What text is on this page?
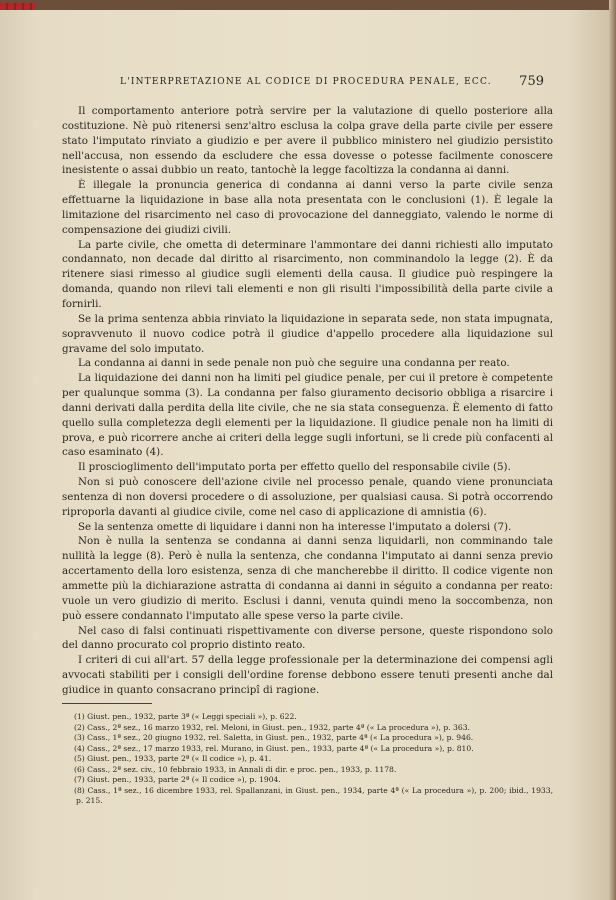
L'INTERPRETAZIONE AL CODICE DI PROCEDURA PENALE, ECC. 759

Il comportamento anteriore potrà servire per la valutazione di quello posteriore alla costituzione. Nè può ritenersi senz'altro esclusa la colpa grave della parte civile per essere stato l'imputato rinviato a giudizio e per avere il pubblico ministero nel giudizio persistito nell'accusa, non essendo da escludere che essa dovesse o potesse facilmente conoscere inesistente o assai dubbio un reato, tantochè la legge facoltizza la condanna ai danni.

È illegale la pronuncia generica di condanna ai danni verso la parte civile senza effettuarne la liquidazione in base alla nota presentata con le conclusioni (1). È legale la limitazione del risarcimento nel caso di provocazione del danneggiato, valendo le norme di compensazione dei giudizi civili.

La parte civile, che ometta di determinare l'ammontare dei danni richiesti allo imputato condannato, non decade dal diritto al risarcimento, non comminandolo la legge (2). È da ritenere siasi rimesso al giudice sugli elementi della causa. Il giudice può respingere la domanda, quando non rilevi tali elementi e non gli risulti l'impossibilità della parte civile a fornirli.

Se la prima sentenza abbia rinviato la liquidazione in separata sede, non stata impugnata, sopravvenuto il nuovo codice potrà il giudice d'appello procedere alla liquidazione sul gravame del solo imputato.

La condanna ai danni in sede penale non può che seguire una condanna per reato.

La liquidazione dei danni non ha limiti pel giudice penale, per cui il pretore è competente per qualunque somma (3). La condanna per falso giuramento decisorio obbliga a risarcire i danni derivati dalla perdita della lite civile, che ne sia stata conseguenza. È elemento di fatto quello sulla completezza degli elementi per la liquidazione. Il giudice penale non ha limiti di prova, e può ricorrere anche ai criteri della legge sugli infortuni, se li crede più confacenti al caso esaminato (4).

Il proscioglimento dell'imputato porta per effetto quello del responsabile civile (5).

Non si può conoscere dell'azione civile nel processo penale, quando viene pronunciata sentenza di non doversi procedere o di assoluzione, per qualsiasi causa. Si potrà occorrendo riproporla davanti al giudice civile, come nel caso di applicazione di amnistia (6).

Se la sentenza omette di liquidare i danni non ha interesse l'imputato a dolersi (7).

Non è nulla la sentenza se condanna ai danni senza liquidarli, non comminando tale nullità la legge (8). Però è nulla la sentenza, che condanna l'imputato ai danni senza previo accertamento della loro esistenza, senza di che mancherebbe il diritto. Il codice vigente non ammette più la dichiarazione astratta di condanna ai danni in séguito a condanna per reato: vuole un vero giudizio di merito. Esclusi i danni, venuta quindi meno la soccombenza, non può essere condannato l'imputato alle spese verso la parte civile.

Nel caso di falsi continuati rispettivamente con diverse persone, queste rispondono solo del danno procurato col proprio distinto reato.

I criteri di cui all'art. 57 della legge professionale per la determinazione dei compensi agli avvocati stabiliti per i consigli dell'ordine forense debbono essere tenuti presenti anche dal giudice in quanto consacrano principî di ragione.

(1) Giust. pen., 1932, parte 3ª (« Leggi speciali »), p. 622.

(2) Cass., 2ª sez., 16 marzo 1932, rel. Meloni, in Giust. pen., 1932, parte 4ª (« La procedura »), p. 363.

(3) Cass., 1ª sez., 20 giugno 1932, rel. Saletta, in Giust. pen., 1932, parte 4ª (« La procedura »), p. 946.

(4) Cass., 2ª sez., 17 marzo 1933, rel. Murano, in Giust. pen., 1933, parte 4ª (« La procedura »), p. 810.

(5) Giust. pen., 1933, parte 2ª (« Il codice »), p. 41.

(6) Cass., 2ª sez. civ., 10 febbraio 1933, in Annali di dir. e proc. pen., 1933, p. 1178.

(7) Giust. pen., 1933, parte 2ª (« Il codice »), p. 1904.

(8) Cass., 1ª sez., 16 dicembre 1933, rel. Spallanzani, in Giust. pen., 1934, parte 4ª (« La procedura »), p. 200; ibid., 1933, p. 215.
